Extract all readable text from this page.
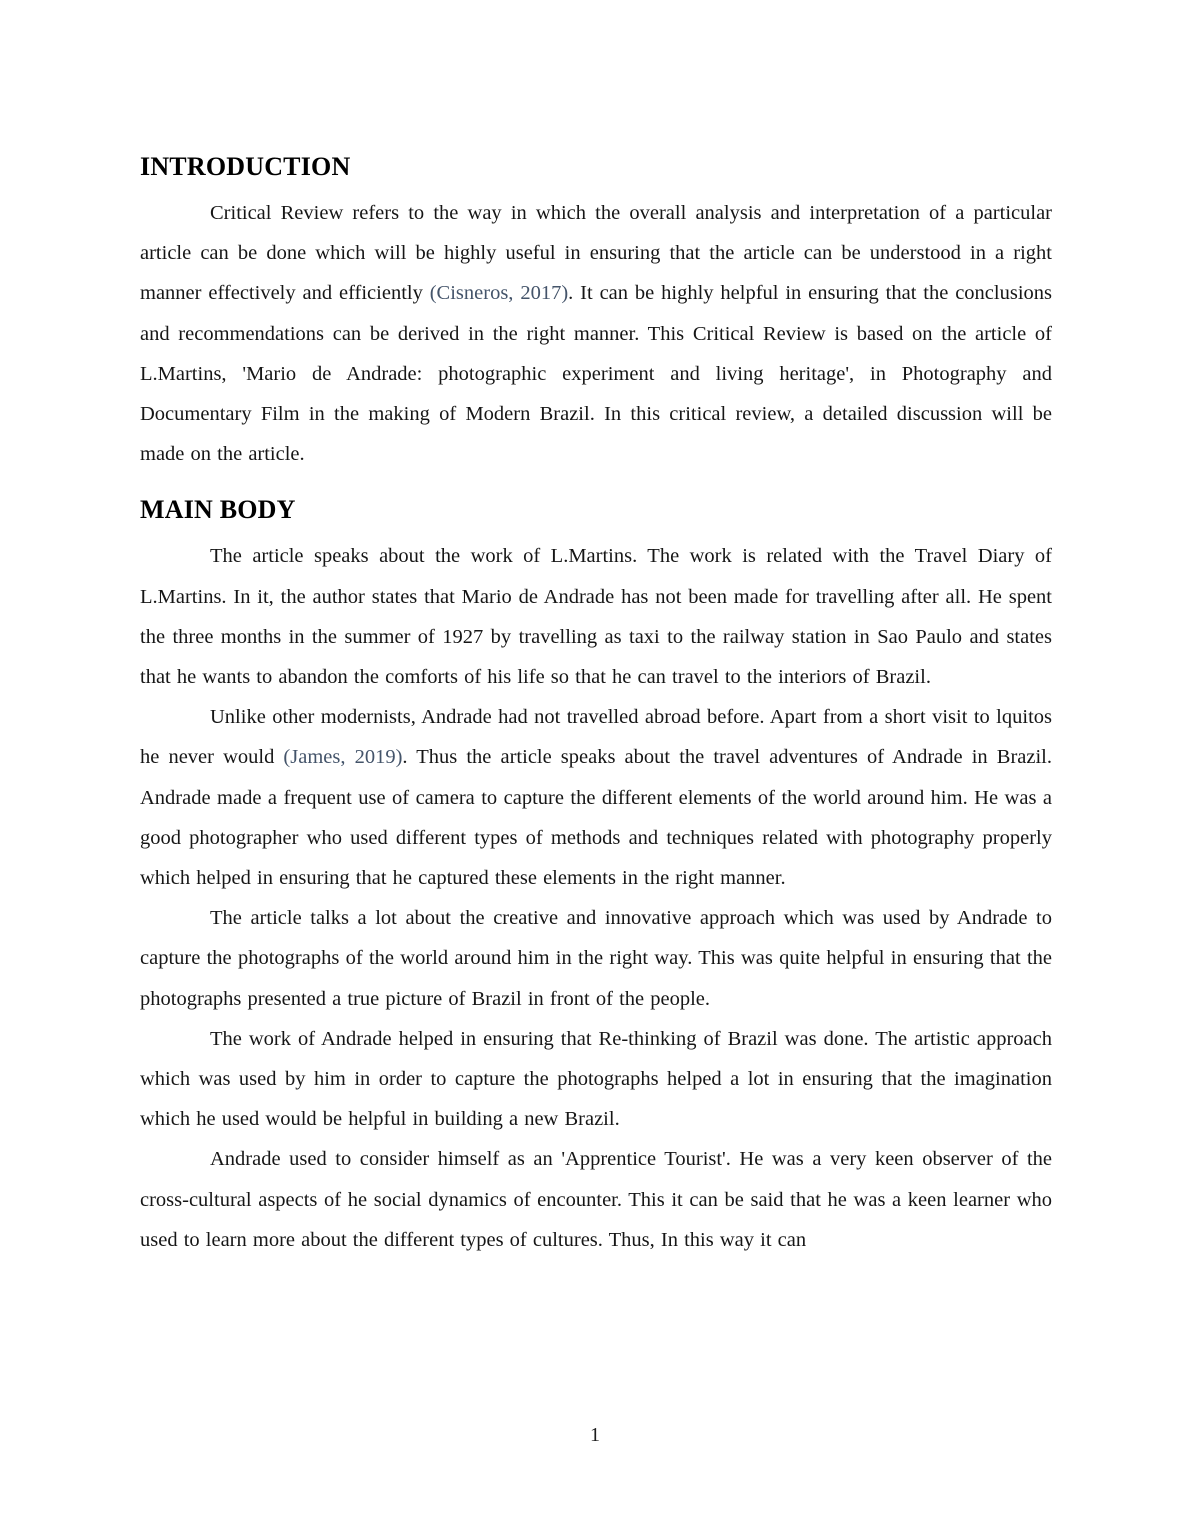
INTRODUCTION

Critical Review refers to the way in which the overall analysis and interpretation of a particular article can be done which will be highly useful in ensuring that the article can be understood in a right manner effectively and efficiently (Cisneros, 2017). It can be highly helpful in ensuring that the conclusions and recommendations can be derived in the right manner. This Critical Review is based on the article of L.Martins, 'Mario de Andrade: photographic experiment and living heritage', in Photography and Documentary Film in the making of Modern Brazil. In this critical review, a detailed discussion will be made on the article.

MAIN BODY

The article speaks about the work of L.Martins. The work is related with the Travel Diary of L.Martins. In it, the author states that Mario de Andrade has not been made for travelling after all. He spent the three months in the summer of 1927 by travelling as taxi to the railway station in Sao Paulo and states that he wants to abandon the comforts of his life so that he can travel to the interiors of Brazil.

Unlike other modernists, Andrade had not travelled abroad before. Apart from a short visit to lquitos he never would (James, 2019). Thus the article speaks about the travel adventures of Andrade in Brazil. Andrade made a frequent use of camera to capture the different elements of the world around him. He was a good photographer who used different types of methods and techniques related with photography properly which helped in ensuring that he captured these elements in the right manner.

The article talks a lot about the creative and innovative approach which was used by Andrade to capture the photographs of the world around him in the right way. This was quite helpful in ensuring that the photographs presented a true picture of Brazil in front of the people.

The work of Andrade helped in ensuring that Re-thinking of Brazil was done. The artistic approach which was used by him in order to capture the photographs helped a lot in ensuring that the imagination which he used would be helpful in building a new Brazil.

Andrade used to consider himself as an 'Apprentice Tourist'. He was a very keen observer of the cross-cultural aspects of he social dynamics of encounter. This it can be said that he was a keen learner who used to learn more about the different types of cultures. Thus, In this way it can

1
